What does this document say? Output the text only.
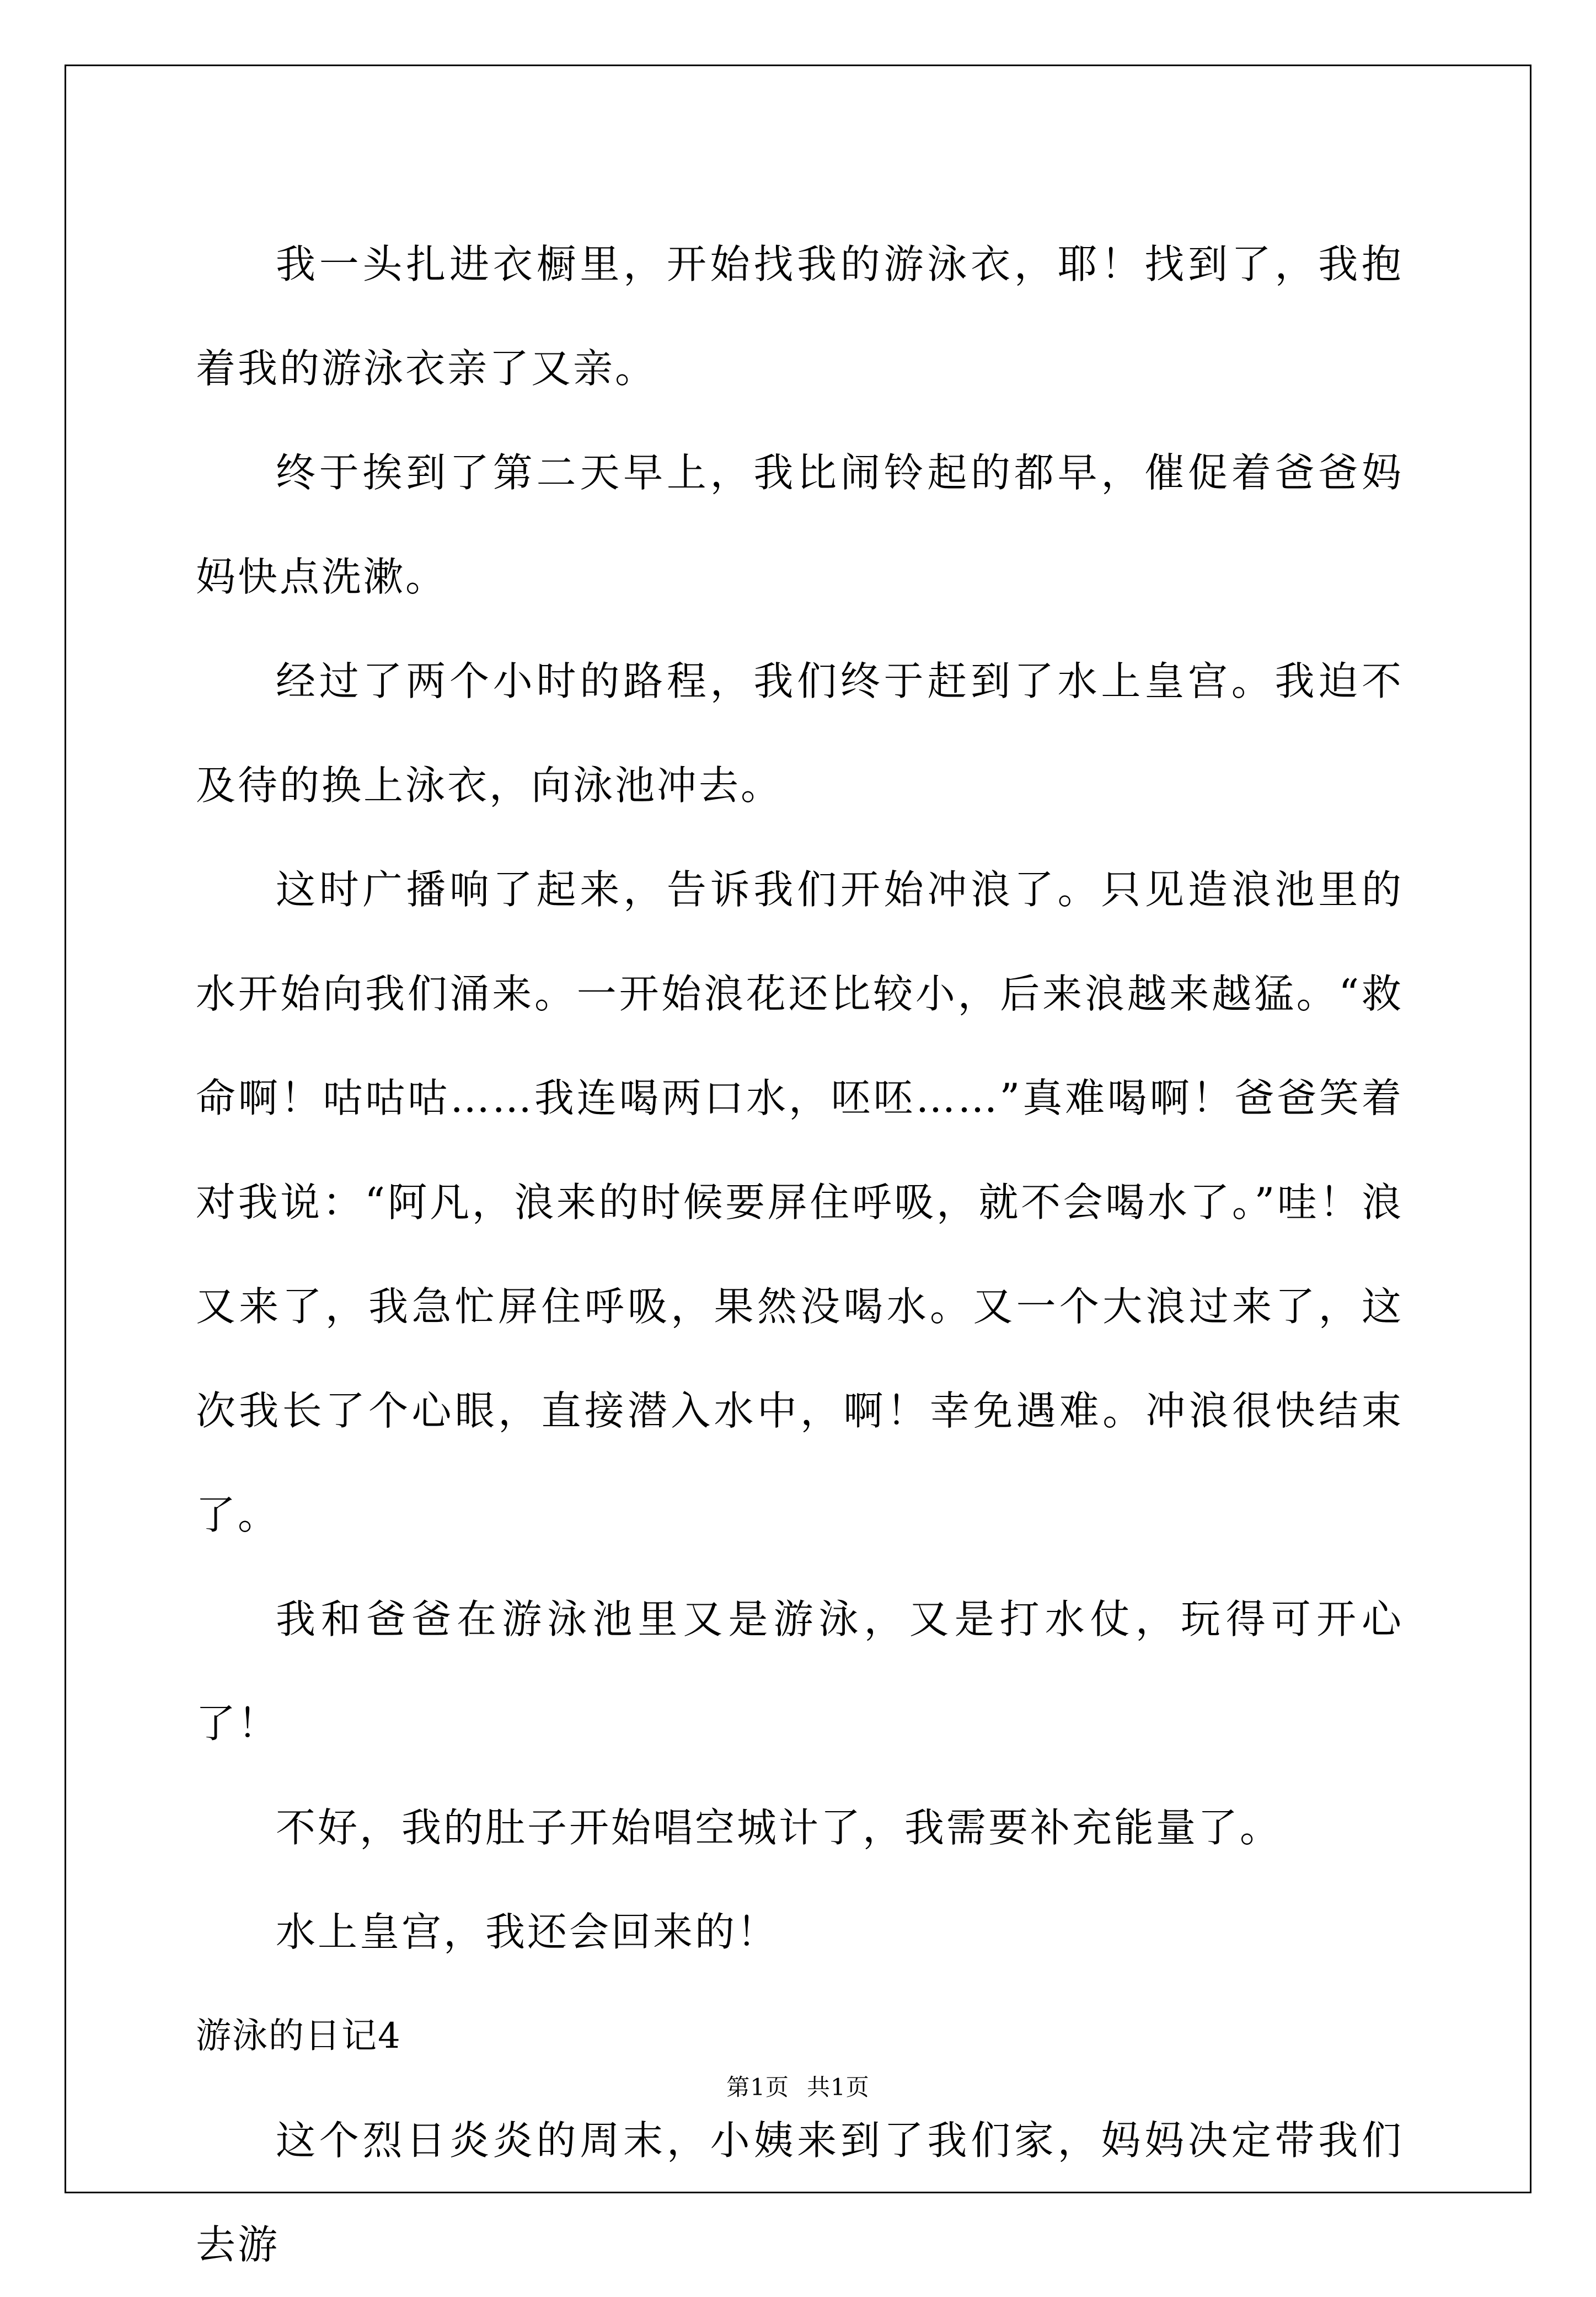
我一头扎进衣橱里，开始找我的游泳衣，耶！找到了，我抱着我的游泳衣亲了又亲。

终于挨到了第二天早上，我比闹铃起的都早，催促着爸爸妈妈快点洗漱。

经过了两个小时的路程，我们终于赶到了水上皇宫。我迫不及待的换上泳衣，向泳池冲去。

这时广播响了起来，告诉我们开始冲浪了。只见造浪池里的水开始向我们涌来。一开始浪花还比较小，后来浪越来越猛。“救命啊！咕咕咕……我连喝两口水，呸呸……”真难喝啊！爸爸笑着对我说：“阿凡，浪来的时候要屏住呼吸，就不会喝水了。”哇！浪又来了，我急忙屏住呼吸，果然没喝水。又一个大浪过来了，这次我长了个心眼，直接潜入水中，啊！幸免遇难。冲浪很快结束了。

我和爸爸在游泳池里又是游泳，又是打水仗，玩得可开心了！

不好，我的肚子开始唱空城计了，我需要补充能量了。

水上皇宫，我还会回来的！

游泳的日记4

这个烈日炎炎的周末，小姨来到了我们家，妈妈决定带我们去游

第1页 共1页
